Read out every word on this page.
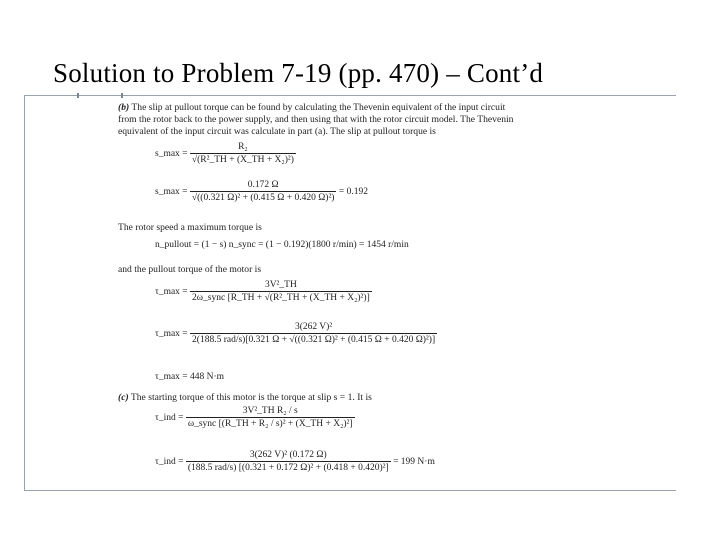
Solution to Problem 7-19 (pp. 470) – Cont’d
(b) The slip at pullout torque can be found by calculating the Thevenin equivalent of the input circuit
from the rotor back to the power supply, and then using that with the rotor circuit model. The Thevenin
equivalent of the input circuit was calculate in part (a). The slip at pullout torque is
s_max = $\frac{\text{R₂}}{\text{√(R²\_TH + (X\_TH + X₂)²)}}$
s_max = $\frac{0.172 \Omega}{\text{√((0.321 Ω)² + (0.415 Ω + 0.420 Ω)²)}} = 0.192$
The rotor speed a maximum torque is
n_pullout = (1 − s) n_sync = (1 − 0.192)(1800 r/min) = 1454 r/min
and the pullout torque of the motor is
τ_max = $\frac{\text{3V²\_TH}}{\text{2ω\_sync [R\_TH + √(R²\_TH + (X\_TH + X₂)²)]}}$
τ_max =
3(262 V)²
2(188.5 rad/s)[0.321 Ω + √((0.321 Ω)² + (0.415 Ω + 0.420 Ω)²)]
τ_max = 448 N·m
(c) The starting torque of this motor is the torque at slip s = 1. It is
τ_ind = $\frac{\text{3V²\_TH R₂ / s}}{\text{ω\_sync [(R\_TH + R₂ / s)² + (X\_TH + X₂)²]}}$
τ_ind = $\frac{\text{3(262 V)² (0.172 Ω)}}{\text{(188.5 rad/s) [(0.321 + 0.172 Ω)² + (0.418 + 0.420)²]}} = 199$ N·m
